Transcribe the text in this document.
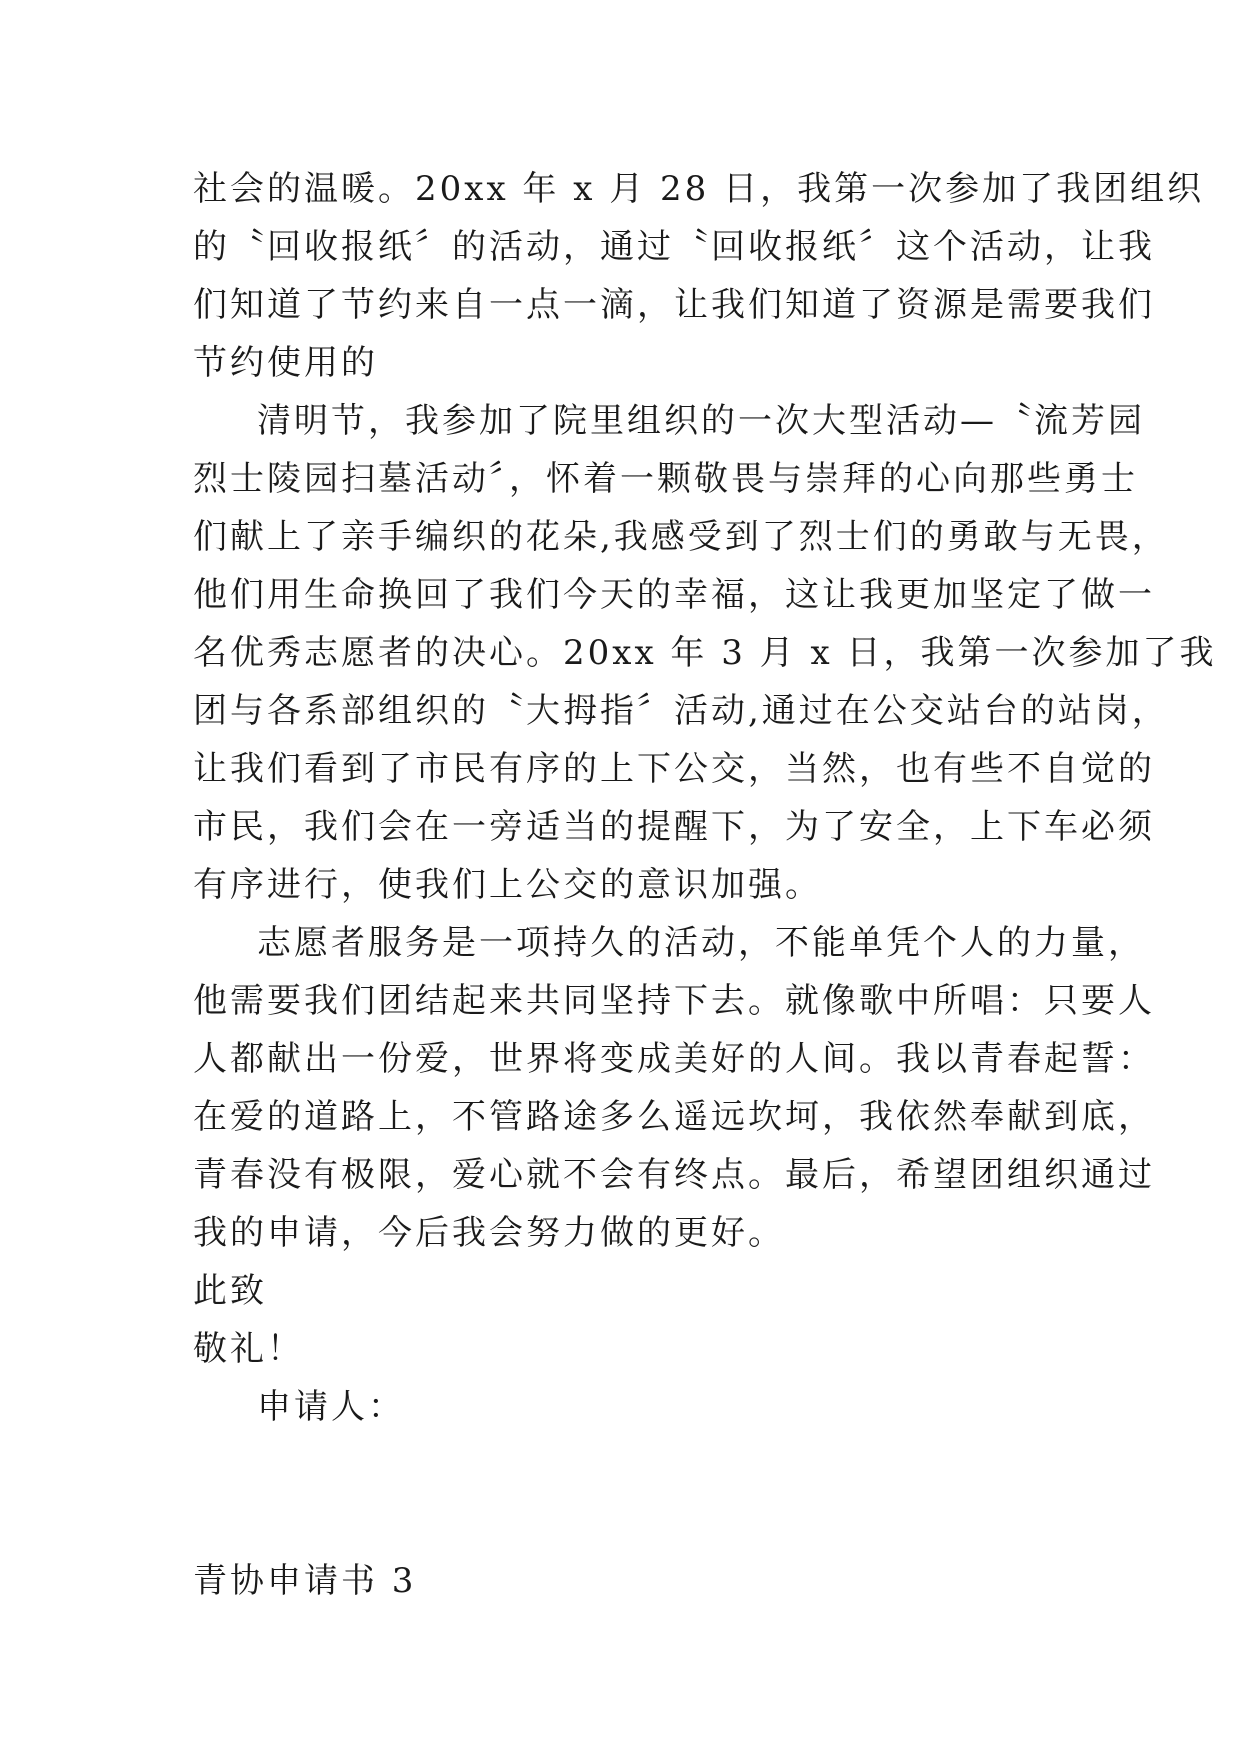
社会的温暖。20xx 年 x 月 28 日，我第一次参加了我团组织

的〝回收报纸〞的活动，通过〝回收报纸〞这个活动，让我

们知道了节约来自一点一滴，让我们知道了资源是需要我们

节约使用的

清明节，我参加了院里组织的一次大型活动—〝流芳园

烈士陵园扫墓活动〞，怀着一颗敬畏与崇拜的心向那些勇士

们献上了亲手编织的花朵,我感受到了烈士们的勇敢与无畏，

他们用生命换回了我们今天的幸福，这让我更加坚定了做一

名优秀志愿者的决心。20xx 年 3 月 x 日，我第一次参加了我

团与各系部组织的〝大拇指〞活动,通过在公交站台的站岗，

让我们看到了市民有序的上下公交，当然，也有些不自觉的

市民，我们会在一旁适当的提醒下，为了安全，上下车必须

有序进行，使我们上公交的意识加强。

志愿者服务是一项持久的活动，不能单凭个人的力量，

他需要我们团结起来共同坚持下去。就像歌中所唱：只要人

人都献出一份爱，世界将变成美好的人间。我以青春起誓：

在爱的道路上，不管路途多么遥远坎坷，我依然奉献到底，

青春没有极限，爱心就不会有终点。最后，希望团组织通过

我的申请，今后我会努力做的更好。

此致

敬礼！

申请人：

青协申请书 3
